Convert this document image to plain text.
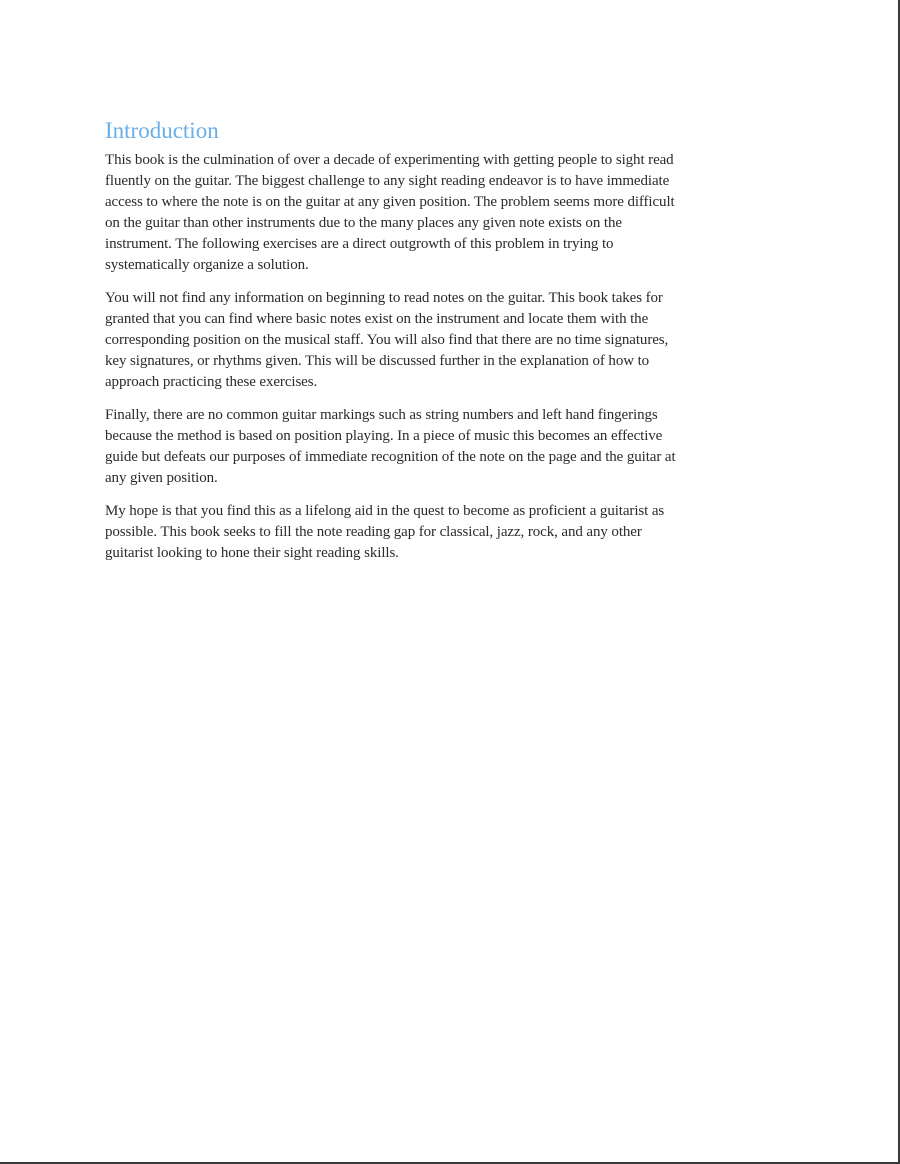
Introduction

This book is the culmination of over a decade of experimenting with getting people to sight read
fluently on the guitar. The biggest challenge to any sight reading endeavor is to have immediate
access to where the note is on the guitar at any given position. The problem seems more difficult
on the guitar than other instruments due to the many places any given note exists on the
instrument. The following exercises are a direct outgrowth of this problem in trying to
systematically organize a solution.

You will not find any information on beginning to read notes on the guitar. This book takes for
granted that you can find where basic notes exist on the instrument and locate them with the
corresponding position on the musical staff. You will also find that there are no time signatures,
key signatures, or rhythms given. This will be discussed further in the explanation of how to
approach practicing these exercises.

Finally, there are no common guitar markings such as string numbers and left hand fingerings
because the method is based on position playing. In a piece of music this becomes an effective
guide but defeats our purposes of immediate recognition of the note on the page and the guitar at
any given position.

My hope is that you find this as a lifelong aid in the quest to become as proficient a guitarist as
possible. This book seeks to fill the note reading gap for classical, jazz, rock, and any other
guitarist looking to hone their sight reading skills.
